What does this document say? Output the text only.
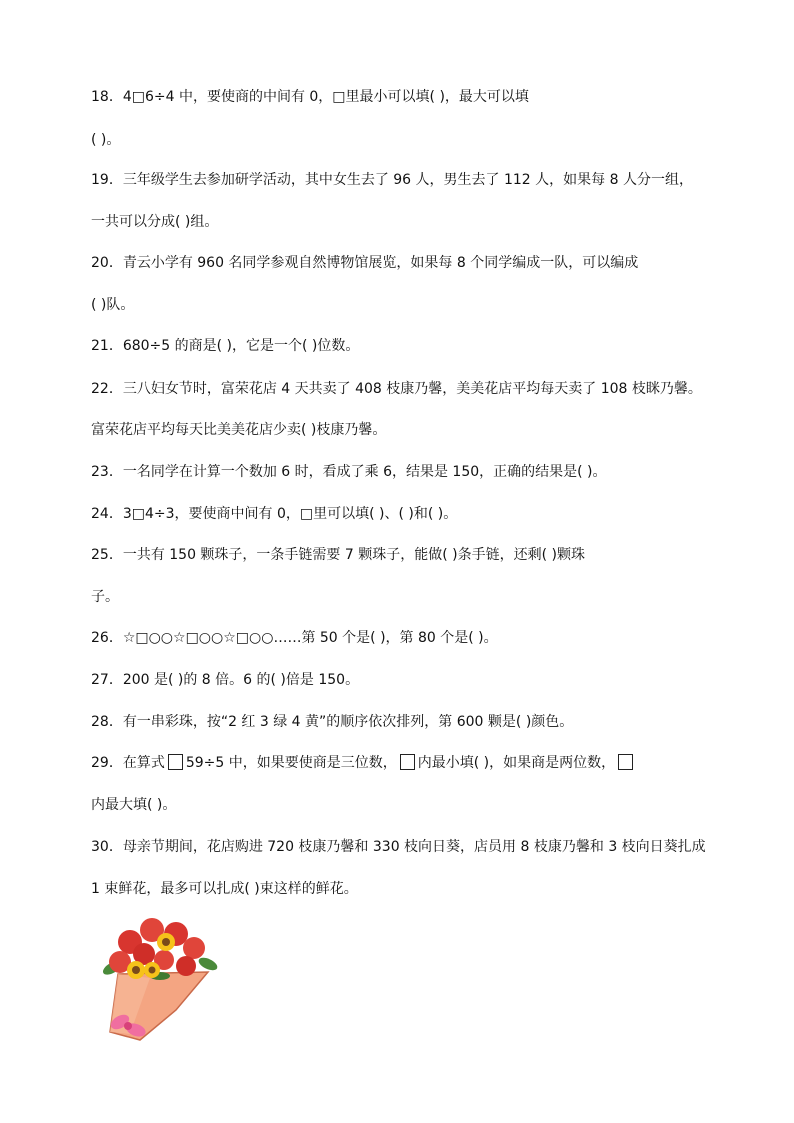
18．4□6÷4 中，要使商的中间有 0，□里最小可以填( )，最大可以填
( )。
19．三年级学生去参加研学活动，其中女生去了 96 人，男生去了 112 人，如果每 8 人分一组，
一共可以分成( )组。
20．青云小学有 960 名同学参观自然博物馆展览，如果每 8 个同学编成一队，可以编成
( )队。
21．680÷5 的商是( )，它是一个( )位数。
22．三八妇女节时，富荣花店 4 天共卖了 408 枝康乃馨，美美花店平均每天卖了 108 枝眯乃馨。
富荣花店平均每天比美美花店少卖( )枝康乃馨。
23．一名同学在计算一个数加 6 时，看成了乘 6，结果是 150，正确的结果是( )。
24．3□4÷3，要使商中间有 0，□里可以填( )、( )和( )。
25．一共有 150 颗珠子，一条手链需要 7 颗珠子，能做( )条手链，还剩( )颗珠
子。
26．☆□○○☆□○○☆□○○……第 50 个是( )，第 80 个是( )。
27．200 是( )的 8 倍。6 的( )倍是 150。
28．有一串彩珠，按“2 红 3 绿 4 黄”的顺序依次排列，第 600 颗是( )颜色。
29．在算式 59÷5 中，如果要使商是三位数， 内最小填( )，如果商是两位数，
内最大填( )。
30．母亲节期间，花店购进 720 枝康乃馨和 330 枝向日葵，店员用 8 枝康乃馨和 3 枝向日葵扎成
1 束鲜花，最多可以扎成( )束这样的鲜花。
